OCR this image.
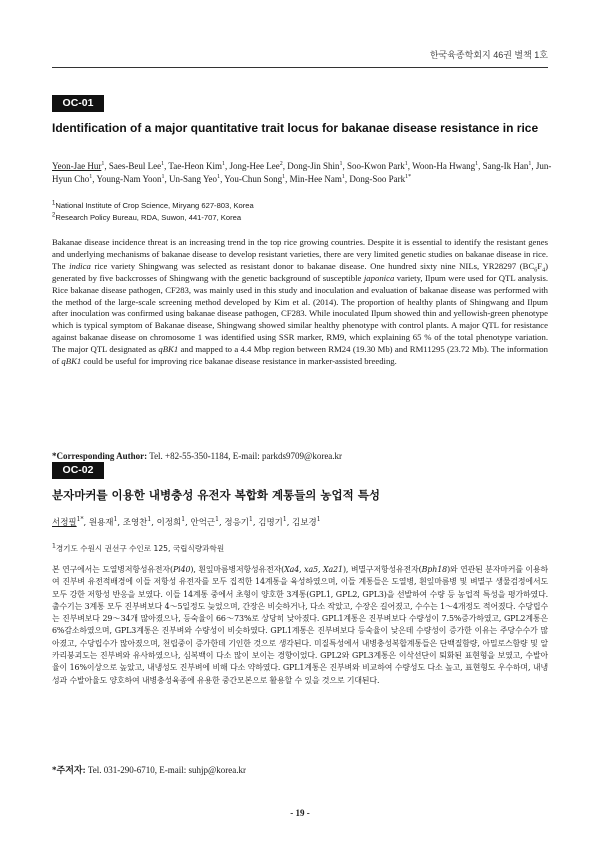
한국육종학회지 46권 별책 1호
OC-01
Identification of a major quantitative trait locus for bakanae disease resistance in rice
Yeon-Jae Hur$^1$, Saes-Beul Lee$^1$, Tae-Heon Kim$^1$, Jong-Hee Lee$^2$, Dong-Jin Shin$^1$, Soo-Kwon Park$^1$, Woon-Ha Hwang$^1$, Sang-Ik Han$^1$, Jun-Hyun Cho$^1$, Young-Nam Yoon$^1$, Un-Sang Yeo$^1$, You-Chun Song$^1$, Min-Hee Nam$^1$, Dong-Soo Park$^{1*}$
$^1$National Institute of Crop Science, Miryang 627-803, Korea
$^2$Research Policy Bureau, RDA, Suwon, 441-707, Korea
Bakanae disease incidence threat is an increasing trend in the top rice growing countries. Despite it is essential to identify the resistant genes and underlying mechanisms of bakanae disease to develop resistant varieties, there are very limited genetic studies on bakanae disease in rice. The indica rice variety Shingwang was selected as resistant donor to bakanae disease. One hundred sixty nine NILs, YR28297 $(BC_6F_4)$ generated by five backcrosses of Shingwang with the genetic background of susceptible japonica variety, Ilpum were used for QTL analysis. Rice bakanae disease pathogen, CF283, was mainly used in this study and inoculation and evaluation of bakanae disease was performed with the method of the large-scale screening method developed by Kim et al. (2014). The proportion of healthy plants of Shingwang and Ilpum after inoculation was confirmed using bakanae disease pathogen, CF283. While inoculated Ilpum showed thin and yellowish-green phenotype which is typical symptom of Bakanae disease, Shingwang showed similar healthy phenotype with control plants. A major QTL for resistance against bakanae disease on chromosome 1 was identified using SSR marker, RM9, which explaining 65 % of the total phenotype variation. The major QTL designated as qBK1 and mapped to a 4.4 Mbp region between RM24 (19.30 Mb) and RM11295 (23.72 Mb). The information of qBK1 could be useful for improving rice bakanae disease resistance in marker-assisted breeding.
*Corresponding Author: Tel. +82-55-350-1184, E-mail: parkds9709@korea.kr
OC-02
분자마커를 이용한 내병충성 유전자 복합화 계통들의 농업적 특성
서정필$^{1*}$, 원용재$^1$, 조영찬$^1$, 이정희$^1$, 안억근$^1$, 정응기$^1$, 김명기$^1$, 김보경$^1$
$^1$경기도 수원시 권선구 수인로 125, 국립식량과학원
본 연구에서는 도열병저항성유전자(Pi40), 흰잎마름병저항성유전자(Xa4, xa5, Xa21), 벼멸구저항성유전자(Bph18)와 연관된 분자마커를 이용하여 진부벼 유전적배경에 이들 저항성 유전자를 모두 집적한 14계통을 육성하였으며, 이들 계통들은 도열병, 흰잎마름병 및 벼멸구 생물검정에서도 모두 강한 저항성 반응을 보였다. 이들 14계통 중에서 초형이 양호한 3계통(GPL1, GPL2, GPL3)을 선발하여 수량 등 농업적 특성을 평가하였다. 출수기는 3계통 모두 진부벼보다 4～5일정도 늦었으며, 간장은 비슷하거나, 다소 작았고, 수장은 길어졌고, 수수는 1～4개정도 적어졌다. 수당립수는 진부벼보다 29～34개 많아졌으나, 등숙율이 66～73%로 상당히 낮아졌다. GPL1계통은 진부벼보다 수량성이 7.5%증가하였고, GPL2계통은 6%감소하였으며, GPL3계통은 진부벼와 수량성이 비슷하였다. GPL1계통은 진부벼보다 등숙율이 낮은데 수량성이 증가한 이유는 주당수수가 많아졌고, 수당립수가 많아졌으며, 천립중이 증가한데 기인한 것으로 생각된다. 미질특성에서 내병충성복합계통들은 단백질함량, 아밀로스함량 및 알카리붕괴도는 진부벼와 유사하였으나, 심복백이 다소 많이 보이는 경향이었다. GPL2와 GPL3계통은 이삭선단이 퇴화된 표현형을 보였고, 수발아율이 16%이상으로 높았고, 내냉성도 진부벼에 비해 다소 약하였다. GPL1계통은 진부벼와 비교하여 수량성도 다소 높고, 표현형도 우수하며, 내냉성과 수발아율도 양호하여 내병충성육종에 유용한 중간모본으로 활용할 수 있을 것으로 기대된다.
*주저자: Tel. 031-290-6710, E-mail: suhjp@korea.kr
- 19 -
